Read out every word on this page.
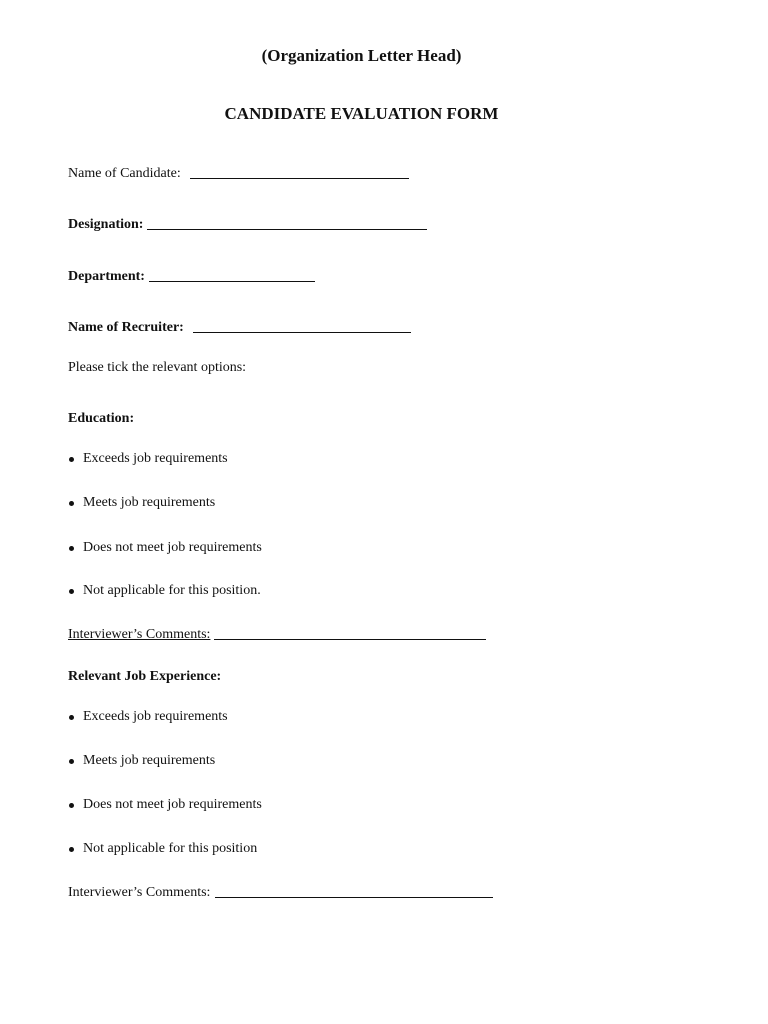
(Organization Letter Head)
CANDIDATE EVALUATION FORM
Name of Candidate:
Designation:
Department:
Name of Recruiter:
Please tick the relevant options:
Education:
Exceeds job requirements
Meets job requirements
Does not meet job requirements
Not applicable for this position.
Interviewer’s Comments:
Relevant Job Experience:
Exceeds job requirements
Meets job requirements
Does not meet job requirements
Not applicable for this position
Interviewer’s Comments:
